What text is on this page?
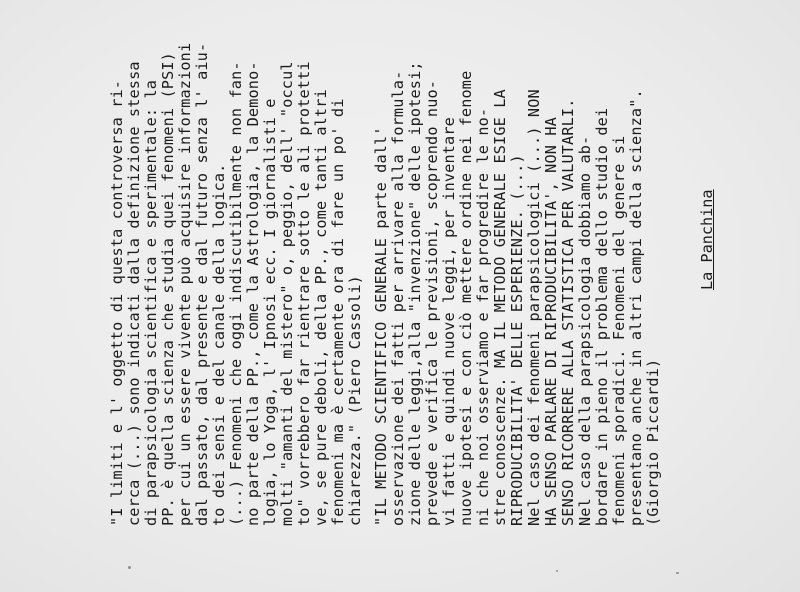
"I limiti e l' oggetto di questa controversa ri- cerca (...) sono indicati dalla definizione stessa di parapsicologia scientifica e sperimentale: la
PP. è quella scienza che studia quei fenomeni (PSI) per cui un essere vivente può acquisire informazioni dal passato, dal presente e dal futuro senza l' aiu- to dei sensi e del canale della logica.
(...) Fenomeni che oggi indiscutibilmente non fan- no parte della PP., come la Astrologia, la Demono- logia, lo Yoga, l' Ipnosi ecc. I giornalisti e molti "amanti del mistero" o, peggio, dell' "occul
to" vorrebbero far rientrare sotto le ali protetti ve, se pure deboli, della PP., come tanti altri fenomeni ma è certamente ora di fare un po' di chiarezza." (Piero Cassoli) "IL METODO SCIENTIFICO GENERALE parte dall'
osservazione dei fatti per arrivare alla formula- zione delle leggi,alla "invenzione" delle ipotesi; prevede e verifica le previsioni, scoprendo nuo- vi fatti e quindi nuove leggi, per inventare nuove ipotesi e con ciò mettere ordine nei fenome
ni che noi osserviamo e far progredire le no- stre conoscenze. MA IL METODO GENERALE ESIGE LA RIPRODUCIBILITA' DELLE ESPERIENZE. (...) Nel caso dei fenomeni parapsicologici (...) NON
HA SENSO PARLARE DI RIPRODUCIBILITA', NON HA SENSO RICORRERE ALLA STATISTICA PER VALUTARLI. Nel caso della parapsicologia dobbiamo ab- bordare in pieno il problema dello studio dei
fenomeni sporadici. Fenomeni del genere si presentano anche in altri campi della scienza". (Giorgio Piccardi)
La Panchina
